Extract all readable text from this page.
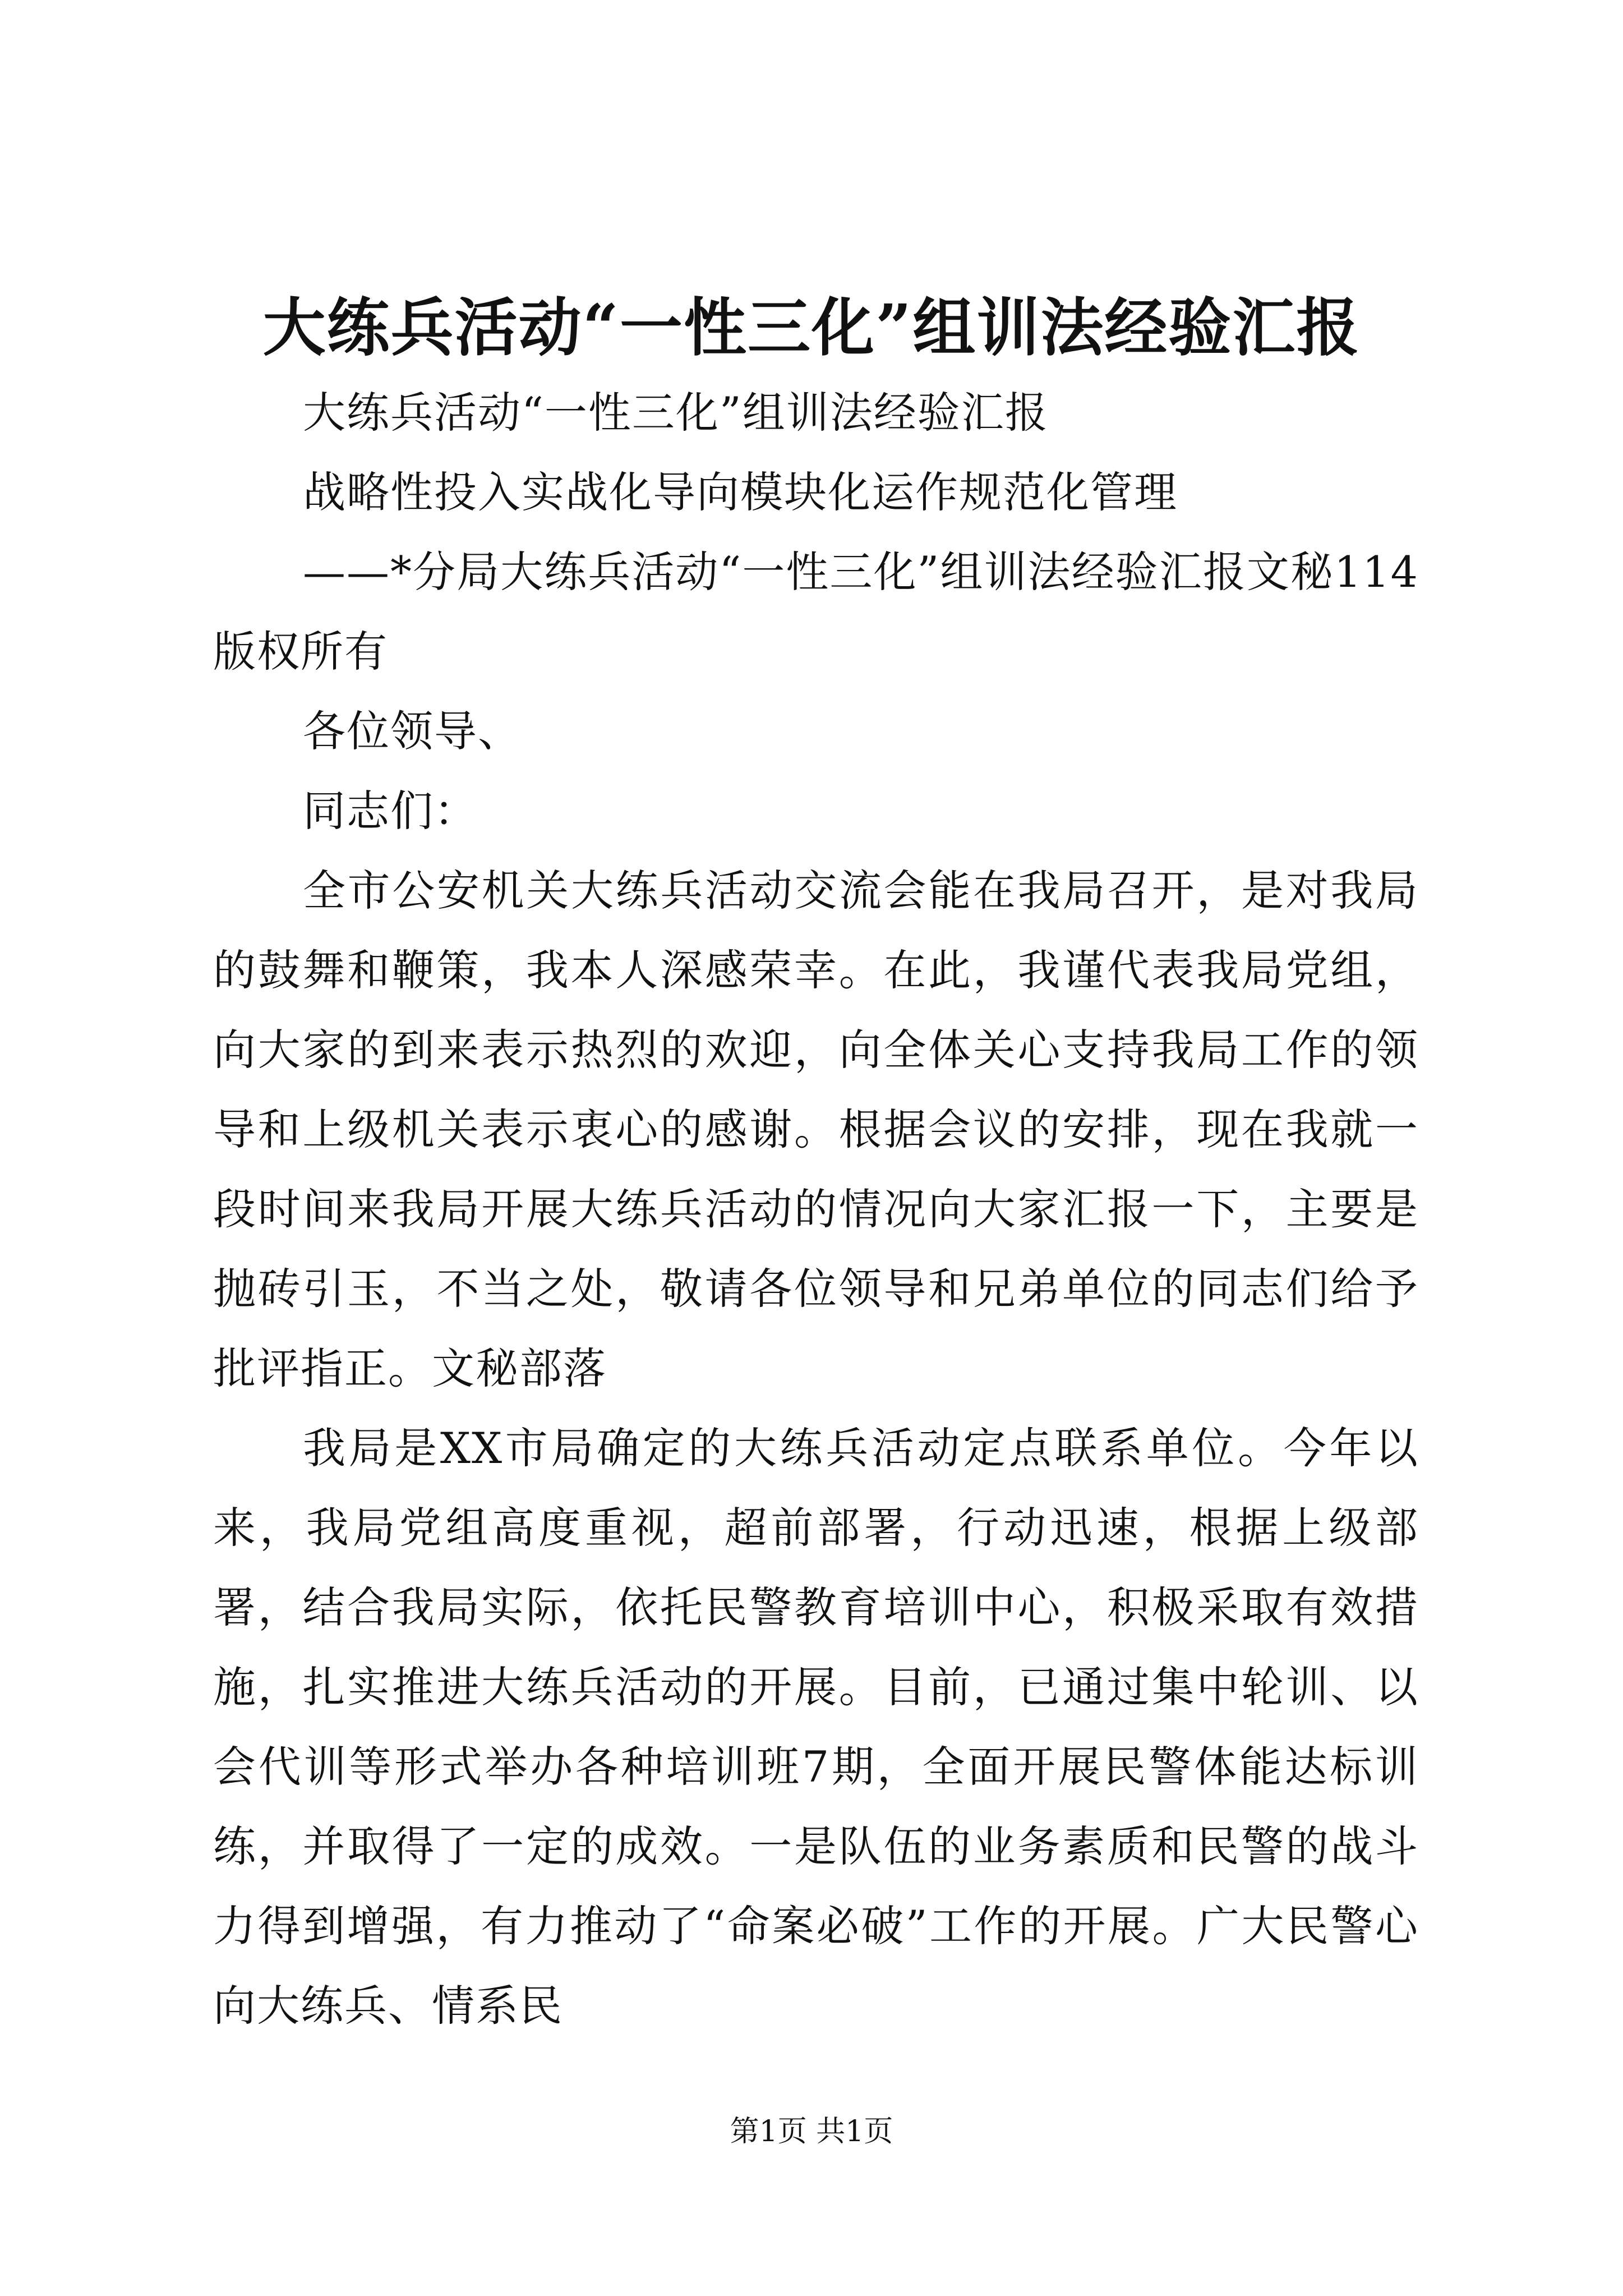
大练兵活动“一性三化”组训法经验汇报

大练兵活动“一性三化”组训法经验汇报

战略性投入实战化导向模块化运作规范化管理

——*分局大练兵活动“一性三化”组训法经验汇报文秘114版权所有

各位领导、

同志们：

全市公安机关大练兵活动交流会能在我局召开，是对我局的鼓舞和鞭策，我本人深感荣幸。在此，我谨代表我局党组，向大家的到来表示热烈的欢迎，向全体关心支持我局工作的领导和上级机关表示衷心的感谢。根据会议的安排，现在我就一段时间来我局开展大练兵活动的情况向大家汇报一下，主要是抛砖引玉，不当之处，敬请各位领导和兄弟单位的同志们给予批评指正。文秘部落

我局是XX市局确定的大练兵活动定点联系单位。今年以来，我局党组高度重视，超前部署，行动迅速，根据上级部署，结合我局实际，依托民警教育培训中心，积极采取有效措施，扎实推进大练兵活动的开展。目前，已通过集中轮训、以会代训等形式举办各种培训班7期，全面开展民警体能达标训练，并取得了一定的成效。一是队伍的业务素质和民警的战斗力得到增强，有力推动了“命案必破”工作的开展。广大民警心向大练兵、情系民

第1页 共1页
